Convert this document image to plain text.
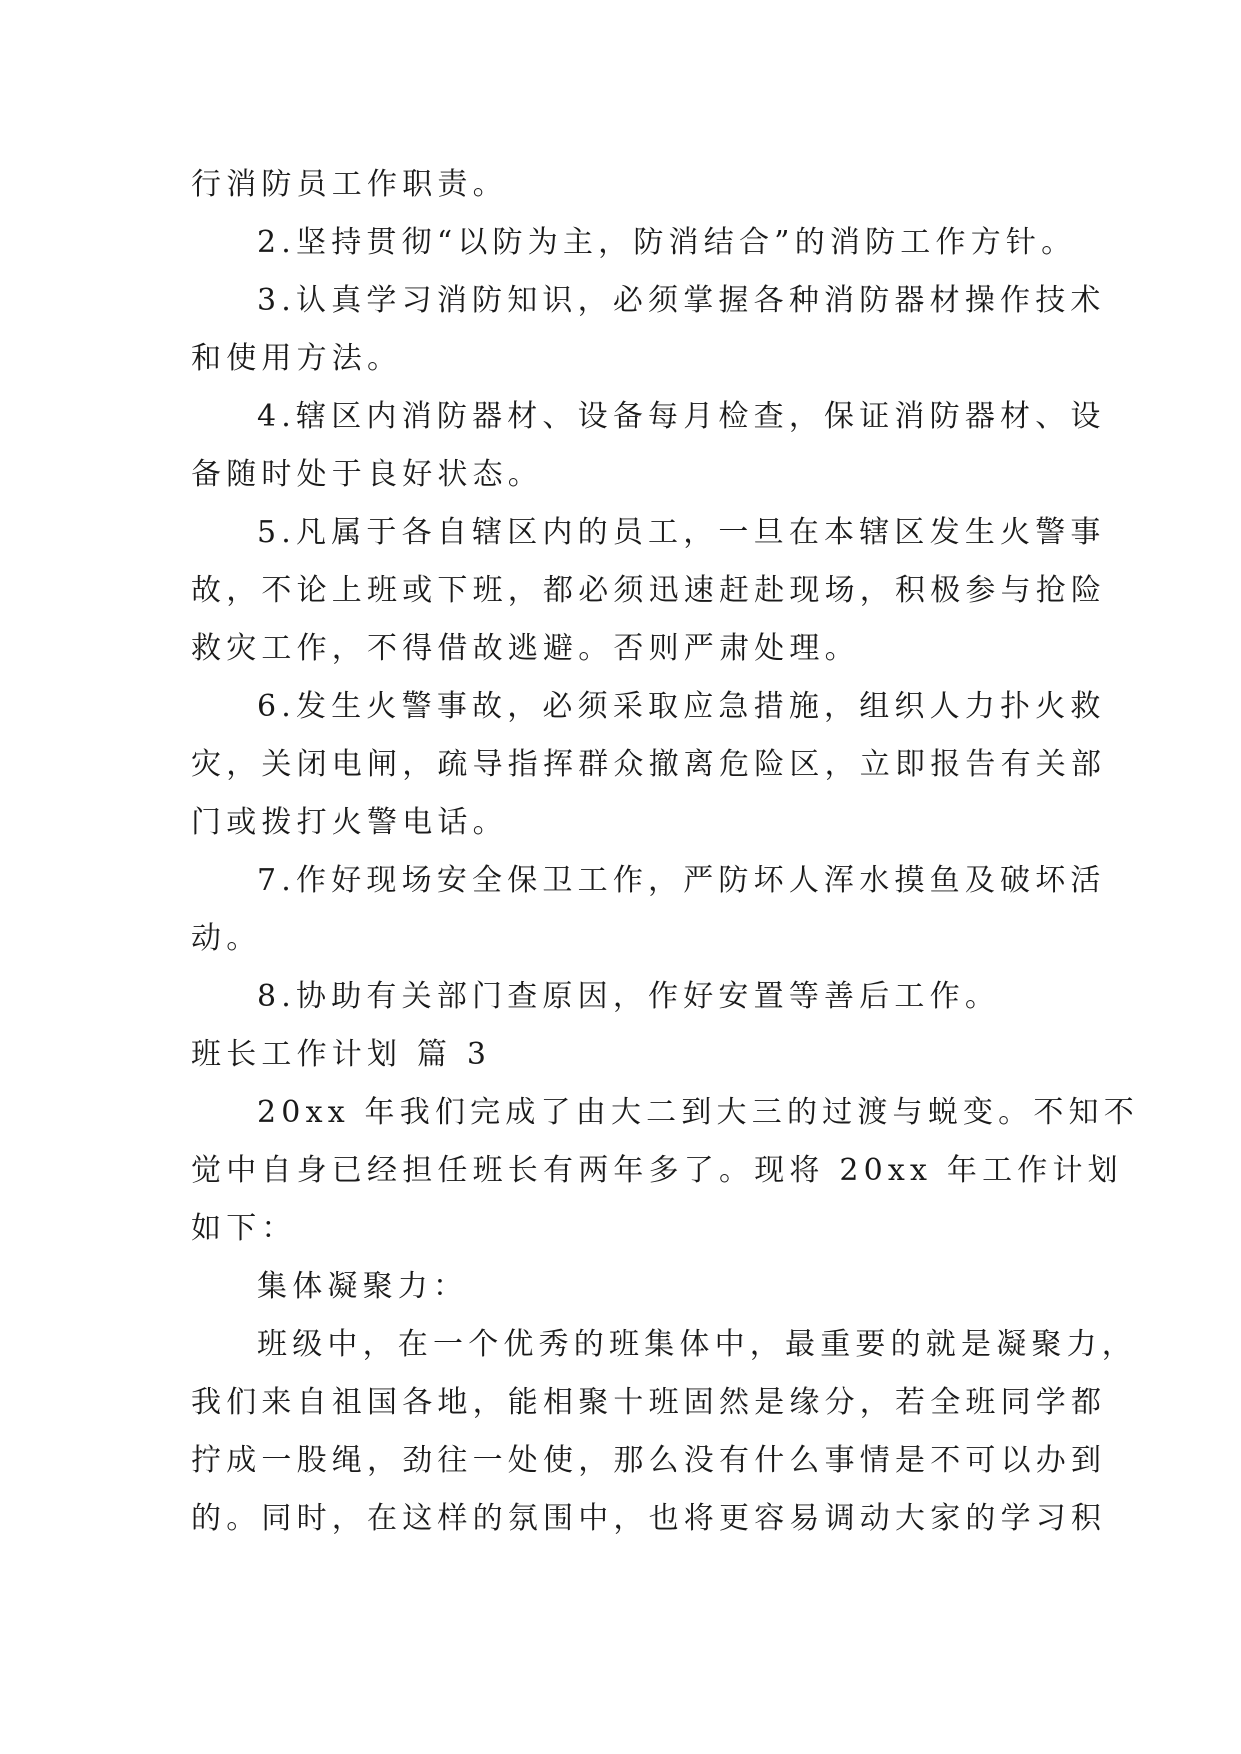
行消防员工作职责。
2.坚持贯彻“以防为主，防消结合”的消防工作方针。
3.认真学习消防知识，必须掌握各种消防器材操作技术
和使用方法。
4.辖区内消防器材、设备每月检查，保证消防器材、设
备随时处于良好状态。
5.凡属于各自辖区内的员工，一旦在本辖区发生火警事
故，不论上班或下班，都必须迅速赶赴现场，积极参与抢险
救灾工作，不得借故逃避。否则严肃处理。
6.发生火警事故，必须采取应急措施，组织人力扑火救
灾，关闭电闸，疏导指挥群众撤离危险区，立即报告有关部
门或拨打火警电话。
7.作好现场安全保卫工作，严防坏人浑水摸鱼及破坏活
动。
8.协助有关部门查原因，作好安置等善后工作。
班长工作计划 篇 3
20xx 年我们完成了由大二到大三的过渡与蜕变。不知不
觉中自身已经担任班长有两年多了。现将 20xx 年工作计划
如下：
集体凝聚力：
班级中，在一个优秀的班集体中，最重要的就是凝聚力，
我们来自祖国各地，能相聚十班固然是缘分，若全班同学都
拧成一股绳，劲往一处使，那么没有什么事情是不可以办到
的。同时，在这样的氛围中，也将更容易调动大家的学习积
